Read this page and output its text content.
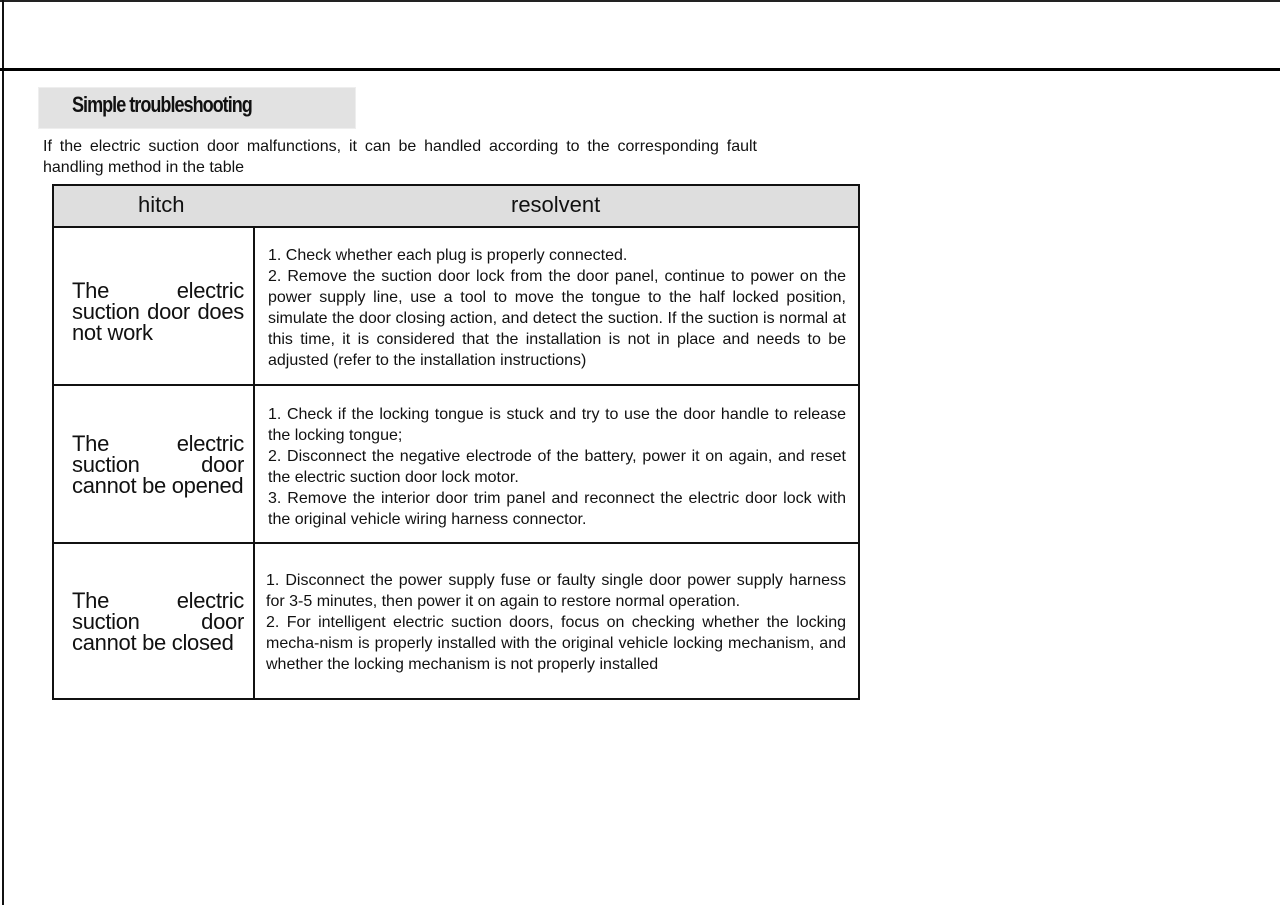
Simple troubleshooting
If the electric suction door malfunctions, it can be handled according to the corresponding fault handling method in the table
hitch	resolvent
The electric suction door does not work
1. Check whether each plug is properly connected.
2. Remove the suction door lock from the door panel, continue to power on the power supply line, use a tool to move the tongue to the half locked position, simulate the door closing action, and detect the suction. If the suction is normal at this time, it is considered that the installation is not in place and needs to be adjusted (refer to the installation instructions)
The electric suction door cannot be opened
1. Check if the locking tongue is stuck and try to use the door handle to release the locking tongue;
2. Disconnect the negative electrode of the battery, power it on again, and reset the electric suction door lock motor.
3. Remove the interior door trim panel and reconnect the electric door lock with the original vehicle wiring harness connector.
The electric suction door cannot be closed
1. Disconnect the power supply fuse or faulty single door power supply harness for 3-5 minutes, then power it on again to restore normal operation.
2. For intelligent electric suction doors, focus on checking whether the locking mecha-nism is properly installed with the original vehicle locking mechanism, and whether the locking mechanism is not properly installed
